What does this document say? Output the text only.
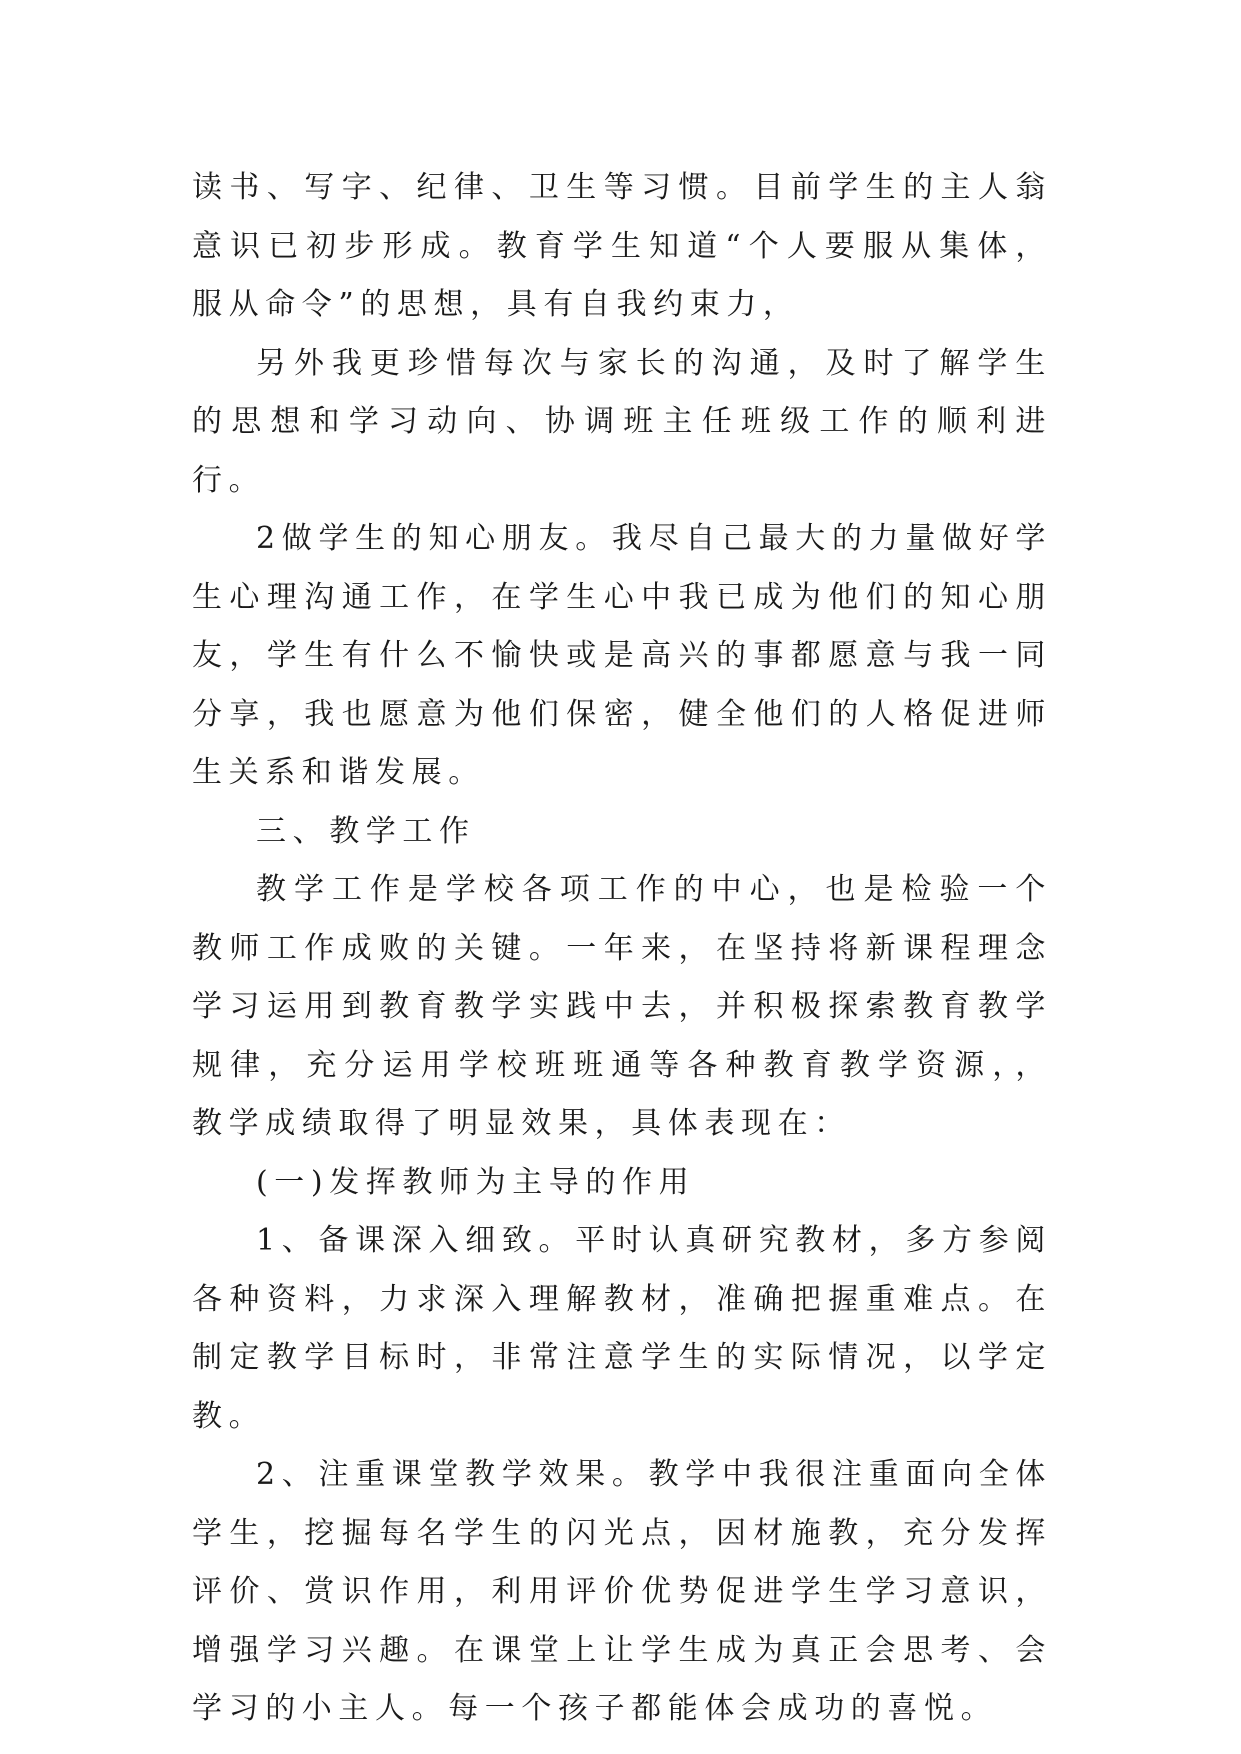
读书、写字、纪律、卫生等习惯。目前学生的主人翁意识已初步形成。教育学生知道“个人要服从集体，服从命令”的思想，具有自我约束力，

另外我更珍惜每次与家长的沟通，及时了解学生的思想和学习动向、协调班主任班级工作的顺利进行。

2做学生的知心朋友。我尽自己最大的力量做好学生心理沟通工作，在学生心中我已成为他们的知心朋友，学生有什么不愉快或是高兴的事都愿意与我一同分享，我也愿意为他们保密，健全他们的人格促进师生关系和谐发展。

三、教学工作

教学工作是学校各项工作的中心，也是检验一个教师工作成败的关键。一年来，在坚持将新课程理念学习运用到教育教学实践中去，并积极探索教育教学规律，充分运用学校班班通等各种教育教学资源，，教学成绩取得了明显效果，具体表现在：

(一)发挥教师为主导的作用

1、备课深入细致。平时认真研究教材，多方参阅各种资料，力求深入理解教材，准确把握重难点。在制定教学目标时，非常注意学生的实际情况，以学定教。

2、注重课堂教学效果。教学中我很注重面向全体学生，挖掘每名学生的闪光点，因材施教，充分发挥评价、赏识作用，利用评价优势促进学生学习意识，增强学习兴趣。在课堂上让学生成为真正会思考、会学习的小主人。每一个孩子都能体会成功的喜悦。
